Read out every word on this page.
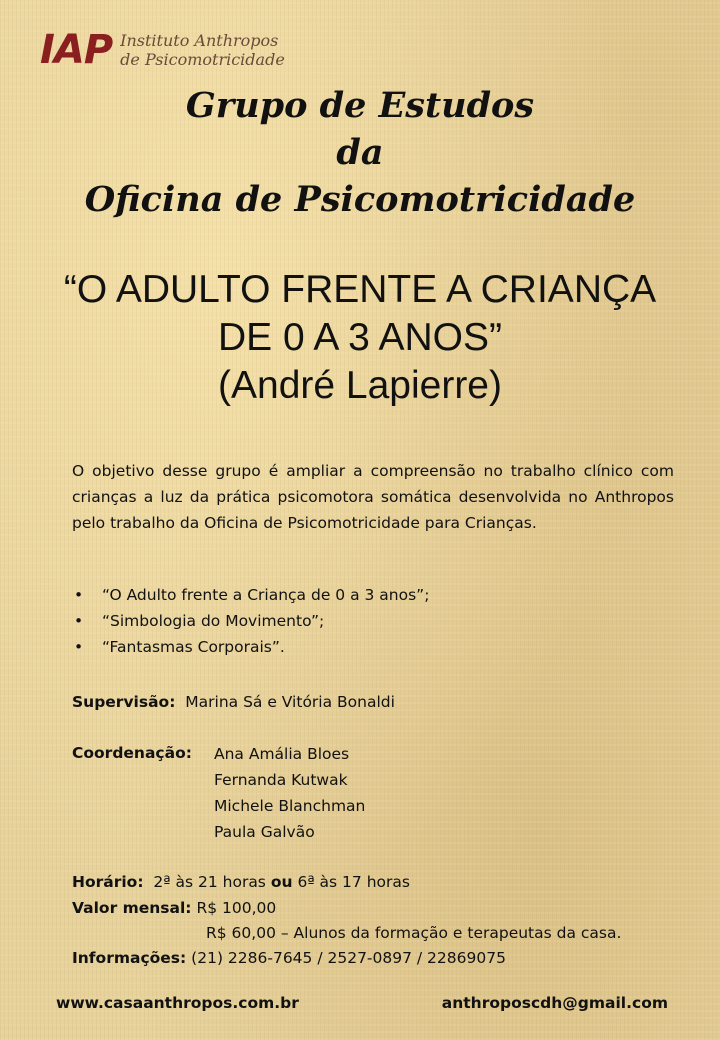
IAP Instituto Anthropos
de Psicomotricidade
Grupo de Estudos
da
Oficina de Psicomotricidade
“O ADULTO FRENTE A CRIANÇA
DE 0 A 3 ANOS”
(André Lapierre)
O objetivo desse grupo é ampliar a compreensão no trabalho clínico com crianças a luz da prática psicomotora somática desenvolvida no Anthropos pelo trabalho da Oficina de Psicomotricidade para Crianças.
• “O Adulto frente a Criança de 0 a 3 anos”;
• “Simbologia do Movimento”;
• “Fantasmas Corporais”.
Supervisão: Marina Sá e Vitória Bonaldi
Coordenação: Ana Amália Bloes
Fernanda Kutwak
Michele Blanchman
Paula Galvão
Horário: 2ª às 21 horas ou 6ª às 17 horas
Valor mensal: R$ 100,00
R$ 60,00 – Alunos da formação e terapeutas da casa.
Informações: (21) 2286-7645 / 2527-0897 / 22869075
www.casaanthropos.com.br	anthroposcdh@gmail.com
